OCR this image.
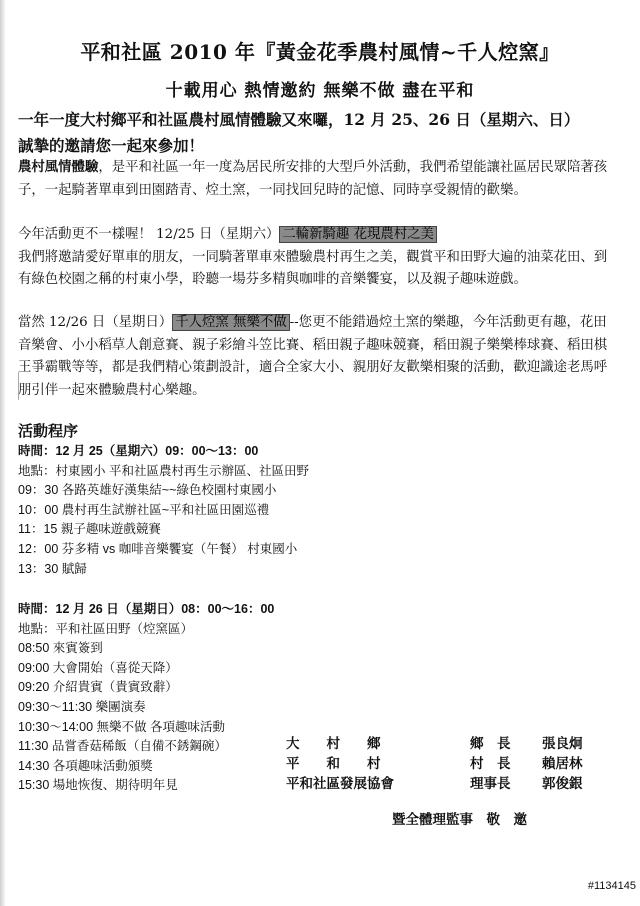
平和社區 2010 年『黃金花季農村風情~千人焢窯』
十載用心 熱情邀約 無樂不做 盡在平和
一年一度大村鄉平和社區農村風情體驗又來囉，12 月 25、26 日（星期六、日）
誠摯的邀請您一起來參加！
農村風情體驗，是平和社區一年一度為居民所安排的大型戶外活動，我們希望能讓社區居民眾陪著孩子，一起騎著單車到田園踏青、焢土窯，一同找回兒時的記憶、同時享受親情的歡樂。
今年活動更不一樣喔！ 12/25 日（星期六） 二輪新騎趣 花現農村之美
我們將邀請愛好單車的朋友，一同騎著單車來體驗農村再生之美，觀賞平和田野大遍的油菜花田、到有綠色校園之稱的村東小學，聆聽一場芬多精與咖啡的音樂饗宴，以及親子趣味遊戲。
當然 12/26 日（星期日） 千人焢窯 無樂不做 --您更不能錯過焢土窯的樂趣，今年活動更有趣，花田音樂會、小小稻草人創意賽、親子彩繪斗笠比賽、稻田親子趣味競賽，稻田親子樂樂棒球賽、稻田棋王爭霸戰等等，都是我們精心策劃設計，適合全家大小、親朋好友歡樂相聚的活動，歡迎識途老馬呼朋引伴一起來體驗農村心樂趣。
活動程序
時間：12 月 25（星期六）09：00～13：00
地點：村東國小 平和社區農村再生示辦區、社區田野
09：30 各路英雄好漢集結~~綠色校園村東國小
10：00 農村再生試辦社區~平和社區田園巡禮
11：15 親子趣味遊戲競賽
12：00 芬多精 vs 咖啡音樂饗宴（午餐） 村東國小
13：30 賦歸
時間：12 月 26 日（星期日）08：00～16：00
地點：平和社區田野（焢窯區）
08:50 來賓簽到
09:00 大會開始（喜從天降）
09:20 介紹貴賓（貴賓致辭）
09:30～11:30 樂團演奏
10:30～14:00 無樂不做 各項趣味活動
11:30 品嘗香菇稀飯（自備不銹鋼碗）
14:30 各項趣味活動頒獎
15:30 場地恢復、期待明年見
大　　村　　鄉	鄉　長	張良炯
平　　和　　村	村　長	賴居林
平和社區發展協會	理事長	郭俊銀
暨全體理監事　敬　邀
#1134145
